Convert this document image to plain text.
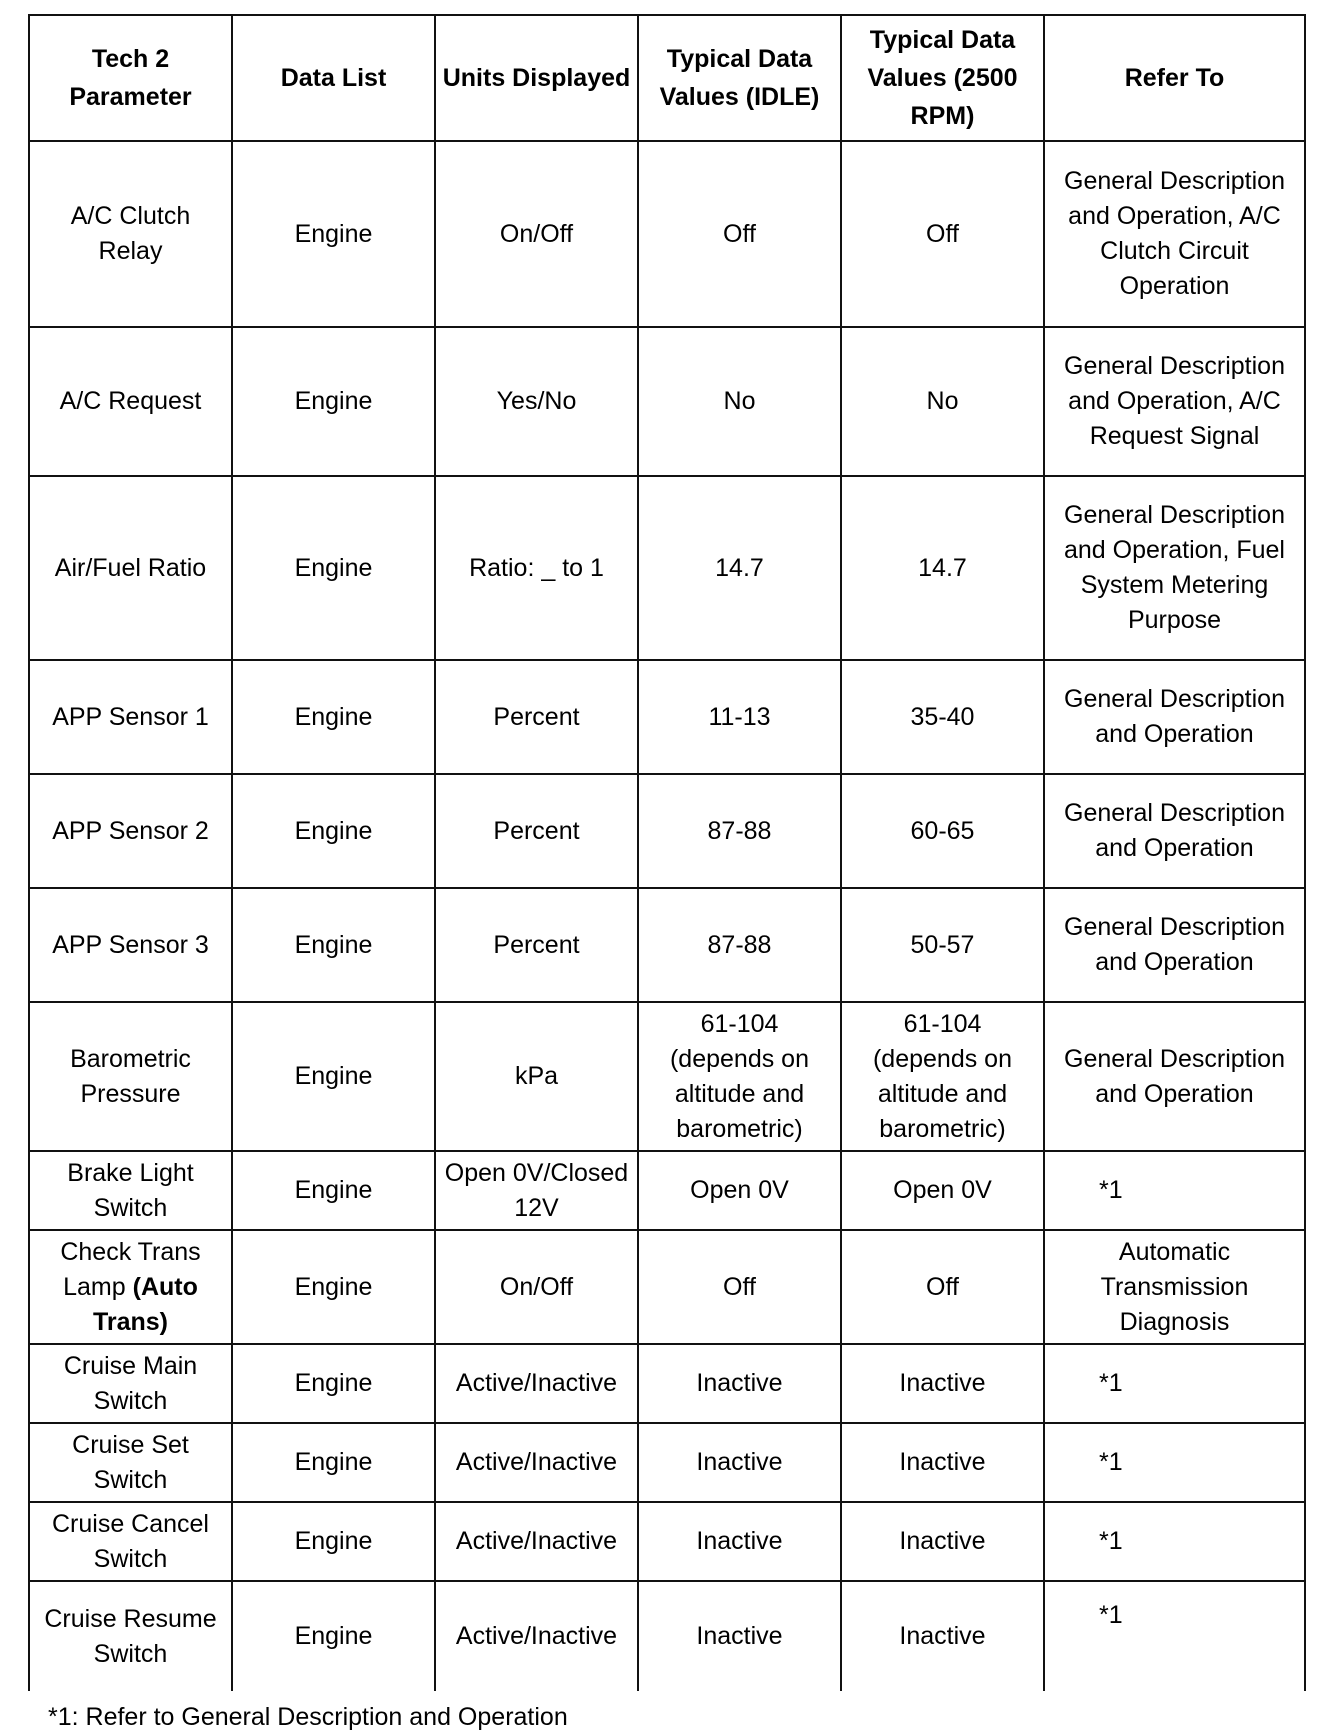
Tech 2 Parameter	Data List	Units Displayed	Typical Data Values (IDLE)	Typical Data Values (2500 RPM)	Refer To
A/C Clutch Relay	Engine	On/Off	Off	Off	General Description and Operation, A/C Clutch Circuit Operation
A/C Request	Engine	Yes/No	No	No	General Description and Operation, A/C Request Signal
Air/Fuel Ratio	Engine	Ratio: _ to 1	14.7	14.7	General Description and Operation, Fuel System Metering Purpose
APP Sensor 1	Engine	Percent	11-13	35-40	General Description and Operation
APP Sensor 2	Engine	Percent	87-88	60-65	General Description and Operation
APP Sensor 3	Engine	Percent	87-88	50-57	General Description and Operation
Barometric Pressure	Engine	kPa	61-104 (depends on altitude and barometric)	61-104 (depends on altitude and barometric)	General Description and Operation
Brake Light Switch	Engine	Open 0V/Closed 12V	Open 0V	Open 0V	*1
Check Trans Lamp (Auto Trans)	Engine	On/Off	Off	Off	Automatic Transmission Diagnosis
Cruise Main Switch	Engine	Active/Inactive	Inactive	Inactive	*1
Cruise Set Switch	Engine	Active/Inactive	Inactive	Inactive	*1
Cruise Cancel Switch	Engine	Active/Inactive	Inactive	Inactive	*1
Cruise Resume Switch	Engine	Active/Inactive	Inactive	Inactive	*1
*1: Refer to General Description and Operation
